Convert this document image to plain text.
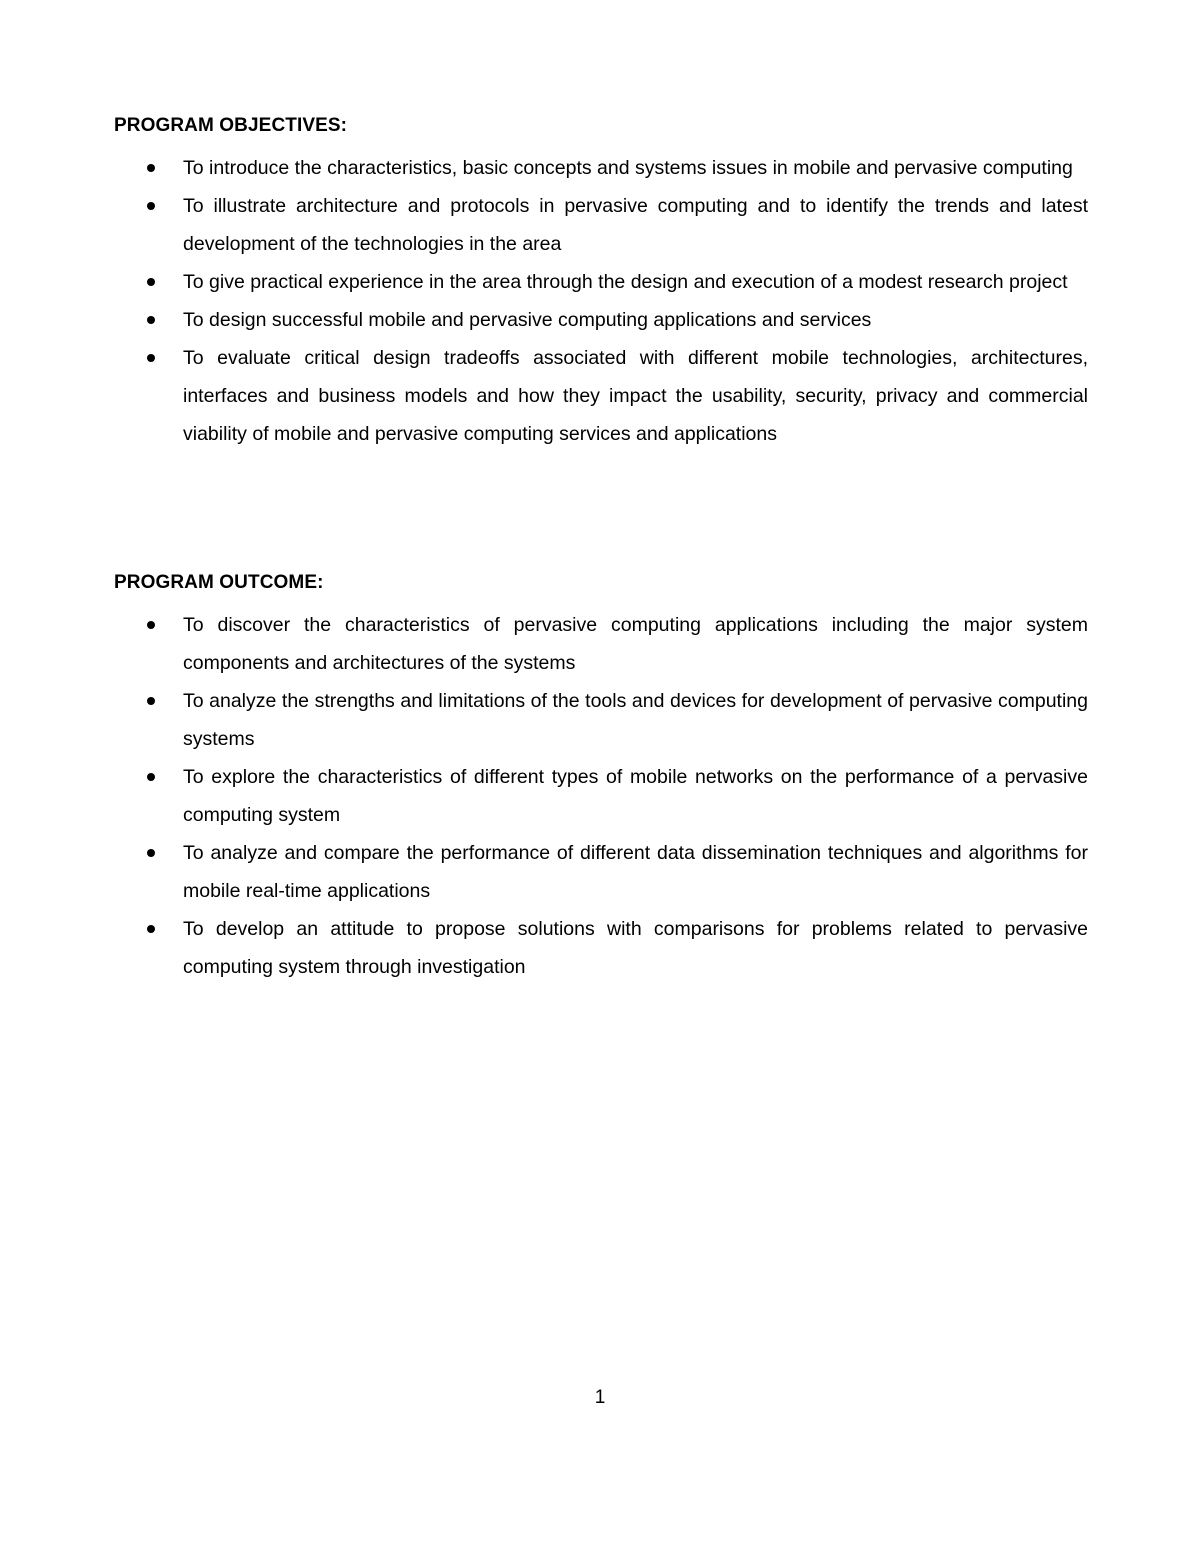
PROGRAM OBJECTIVES:
To introduce the characteristics, basic concepts and systems issues in mobile and pervasive computing
To illustrate architecture and protocols in pervasive computing and to identify the trends and latest development of the technologies in the area
To give practical experience in the area through the design and execution of a modest research project
To design successful mobile and pervasive computing applications and services
To evaluate critical design tradeoffs associated with different mobile technologies, architectures, interfaces and business models and how they impact the usability, security, privacy and commercial viability of mobile and pervasive computing services and applications
PROGRAM OUTCOME:
To discover the characteristics of pervasive computing applications including the major system components and architectures of the systems
To analyze the strengths and limitations of the tools and devices for development of pervasive computing systems
To explore the characteristics of different types of mobile networks on the performance of a pervasive computing system
To analyze and compare the performance of different data dissemination techniques and algorithms for mobile real-time applications
To develop an attitude to propose solutions with comparisons for problems related to pervasive computing system through investigation
1
